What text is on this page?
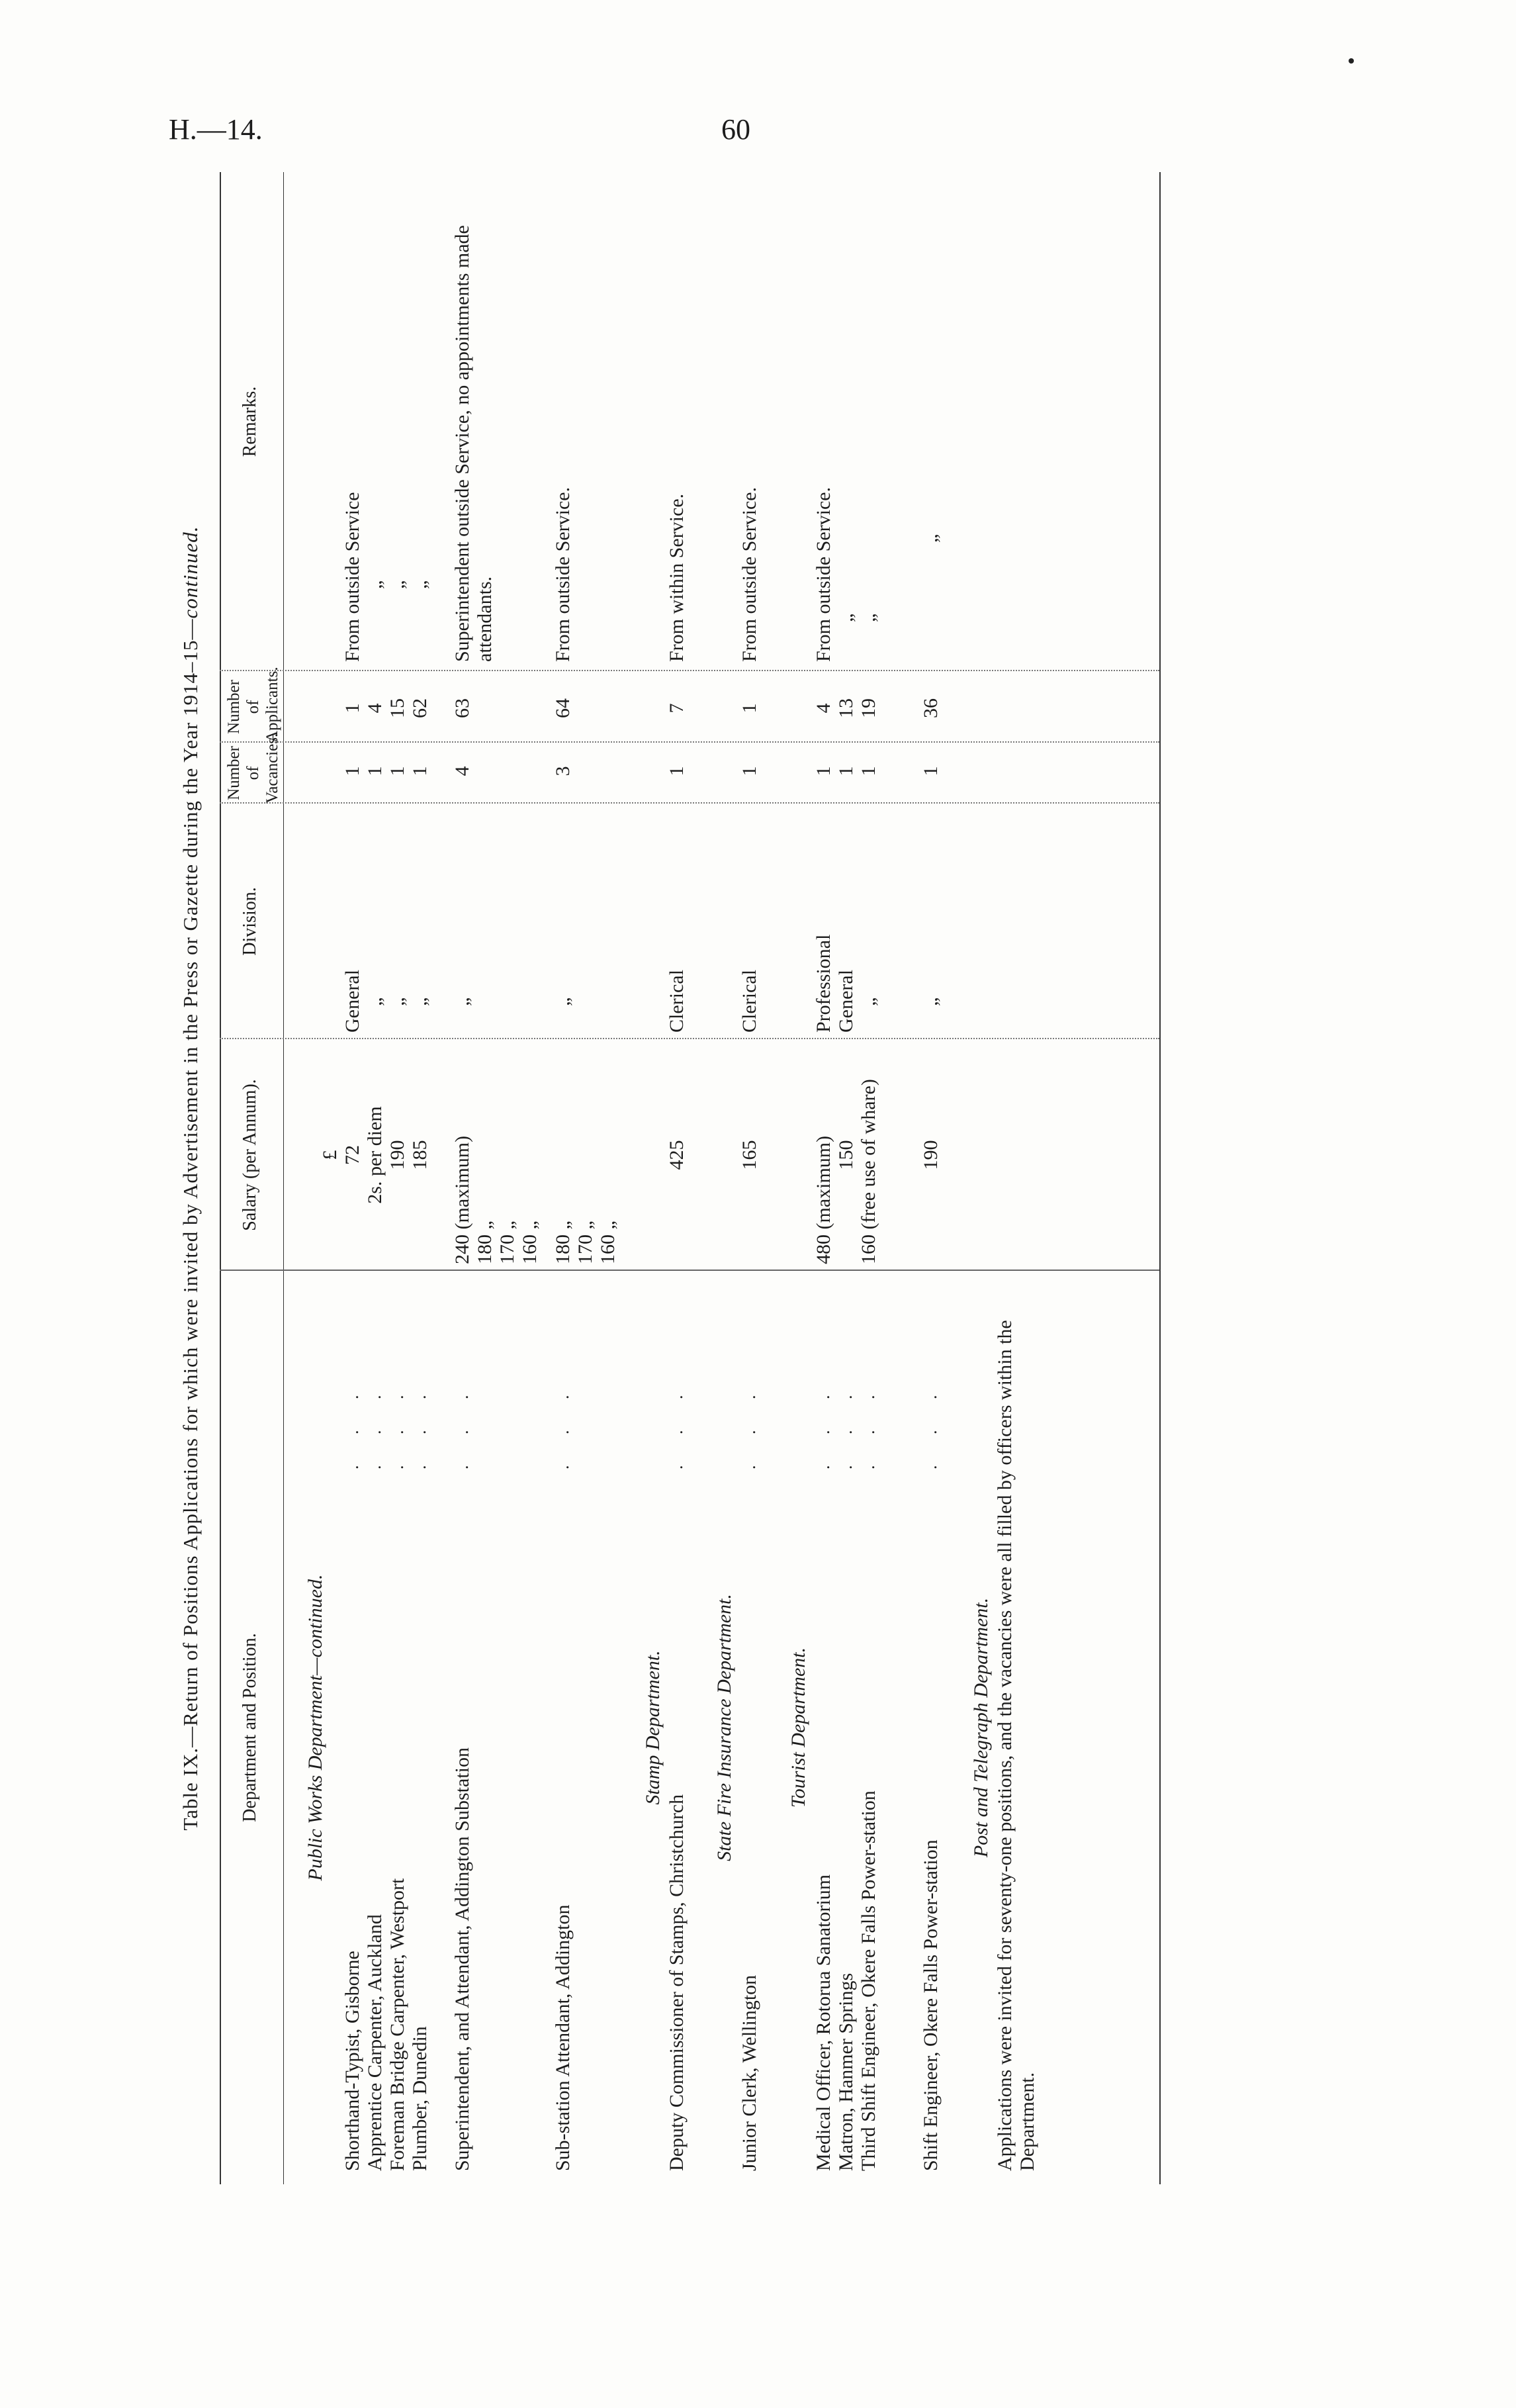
H.—14.	60
Table IX.—Return of Positions Applications for which were invited by Advertisement in the Press or Gazette during the Year 1914–15—continued.
Department and Position.
Salary (per Annum).
Division.
Number of Vacancies.
Number of Applicants.
Remarks.
Public Works Department—continued.
£
Shorthand-Typist, Gisborne
. . .
72
General
1
1
From outside Service
Apprentice Carpenter, Auckland
. . .
2s. per diem
„
1
4
„
Foreman Bridge Carpenter, Westport
. . .
190
„
1
15
„
Plumber, Dunedin
. . .
185
„
1
62
„
Superintendent, and Attendant, Addington Substation
. . .
240 (maximum)
„
4
63
Superintendent outside Service, no appointments made attendants.
180 „ 170 „ 160 „
Sub-station Attendant, Addington
. . .
180 „
„
3
64
From outside Service.
170 „ 160 „
Stamp Department.
Deputy Commissioner of Stamps, Christchurch
. . .
425
Clerical
1
7
From within Service.
State Fire Insurance Department.
Junior Clerk, Wellington
. . .
165
Clerical
1
1
From outside Service.
Tourist Department.
Medical Officer, Rotorua Sanatorium
. . .
480 (maximum)
Professional
1
4
From outside Service.
Matron, Hanmer Springs
. . .
150
General
1
13
„
Third Shift Engineer, Okere Falls Power-station
. . .
160 (free use of whare)
„
1
19
„
Shift Engineer, Okere Falls Power-station
. . .
190
„
1
36
„
Post and Telegraph Department. Applications were invited for seventy-one positions, and the vacancies were all filled by officers within the Department.
